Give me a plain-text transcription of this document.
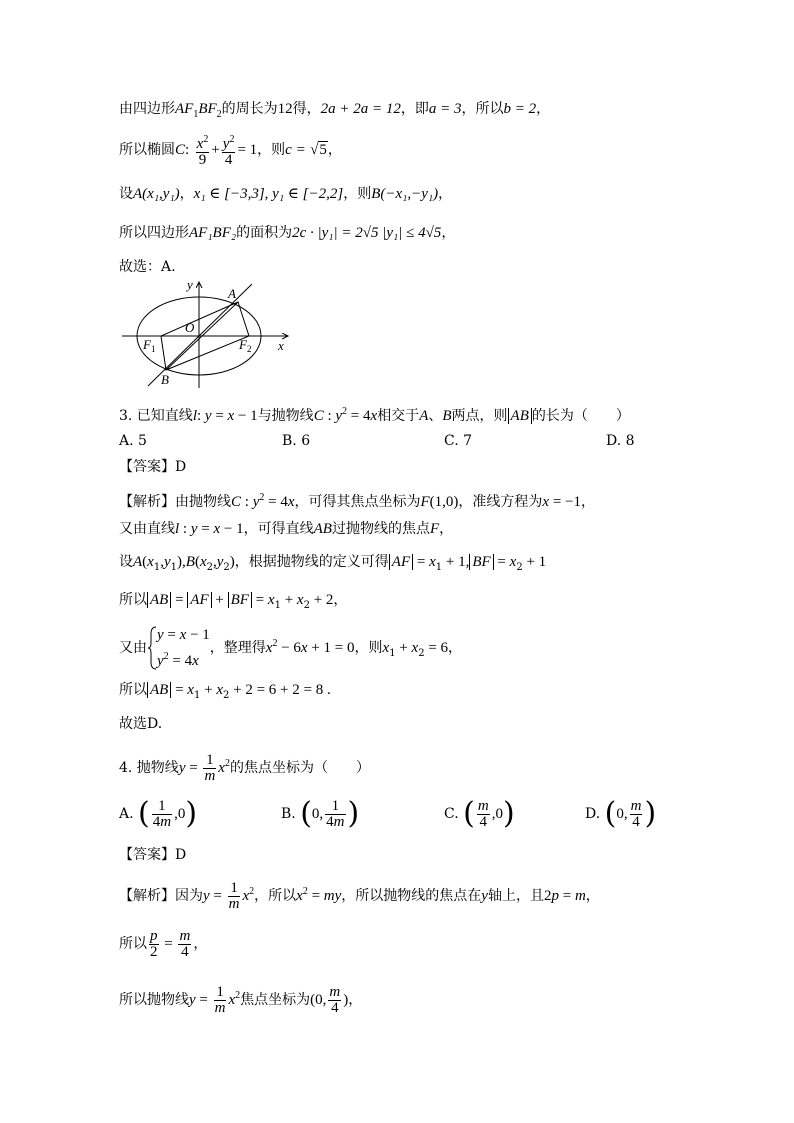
由四边形$AF_1BF_2$的周长为12得，2a + 2a = 12，即a = 3，所以b = 2，
所以椭圆C: $\frac{x^2}{9} + \frac{y^2}{4} = 1$，则c = √5，
设A(x₁,y₁)，x₁ ∈ [−3,3], y₁ ∈ [−2,2]，则B(−x₁,−y₁)，
所以四边形AF₁BF₂的面积为2c · |y₁| = 2√5 |y₁| ≤ 4√5，
故选：A.
y
x
O
A
B
$F_1$	$F_2$
3. 已知直线l: y = x − 1与抛物线C : $y^2 = 4x$相交于A、B两点，则 AB 的长为（　　）
A. 5	B. 6	C. 7	D. 8
【答案】D
【解析】由抛物线C : $y^2 = 4x$，可得其焦点坐标为F(1,0)，准线方程为x = −1，
又由直线l : y = x − 1，可得直线AB过抛物线的焦点F，
设$A(x_1,y_1),B(x_2,y_2)$，根据抛物线的定义可得 AF = $x_1 + 1$, BF = $x_2 + 1$
所以 AB = AF + BF = $x_1 + x_2 + 2$，
又由
y = x − 1
$y^2 = 4x$
，整理得$x^2 - 6x + 1 = 0$，则$x_1 + x_2 = 6$，
所以 AB = $x_1 + x_2 + 2 = 6 + 2 = 8$ .
故选D.
4. 抛物线$y = \frac{1}{m} x^2$的焦点坐标为（　　）
A. ( $\frac{1}{4m} ,0$)	B. (0, $\frac{1}{4m}$ )	C. ( $\frac{m}{4} ,0$)	D. (0, $\frac{m}{4}$ )
【答案】D
【解析】因为$y = \frac{1}{m} x^2$，所以$x^2$ = my，所以抛物线的焦点在y轴上，且2p = m，
所以 $\frac{p}{2} = \frac{m}{4}$ ，
所以抛物线$y = \frac{1}{m} x^2$焦点坐标为(0, $\frac{m}{4}$ )，
